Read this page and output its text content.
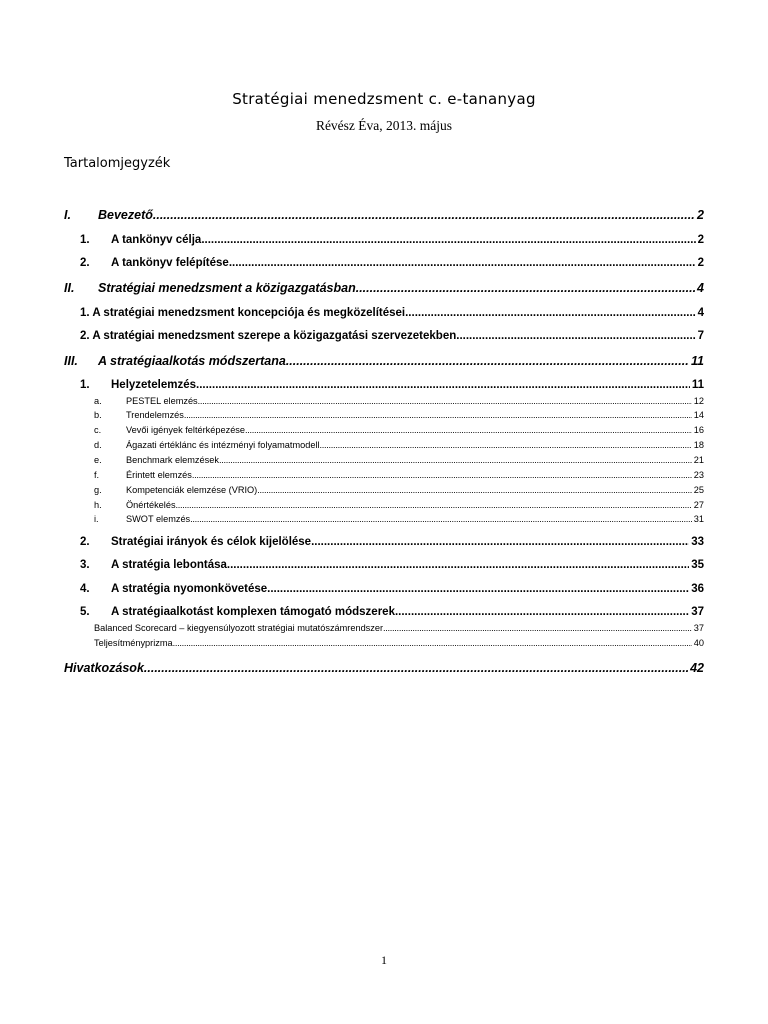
Stratégiai menedzsment c. e-tananyag
Révész Éva, 2013. május
Tartalomjegyzék
I.	Bevezető .....	2
1.	A tankönyv célja .....	2
2.	A tankönyv felépítése .....	2
II.	Stratégiai menedzsment a közigazgatásban .....	4
1. A stratégiai menedzsment koncepciója és megközelítései .....	4
2. A stratégiai menedzsment szerepe a közigazgatási szervezetekben .....	7
III.	A stratégiaalkotás módszertana .....	11
1.	Helyzetelemzés .....	11
a.	PESTEL elemzés .....	12
b.	Trendelemzés .....	14
c.	Vevői igények feltérképezése .....	16
d.	Ágazati értéklánc és intézményi folyamatmodell .....	18
e.	Benchmark elemzések .....	21
f.	Érintett elemzés .....	23
g.	Kompetenciák elemzése (VRIO) .....	25
h.	Önértékelés .....	27
i.	SWOT elemzés .....	31
2.	Stratégiai irányok és célok kijelölése .....	33
3.	A stratégia lebontása .....	35
4.	A stratégia nyomonkövetése .....	36
5.	A stratégiaalkotást komplexen támogató módszerek .....	37
Balanced Scorecard – kiegyensúlyozott stratégiai mutatószámrendszer .....	37
Teljesítményprizma .....	40
Hivatkozások .....	42
1
